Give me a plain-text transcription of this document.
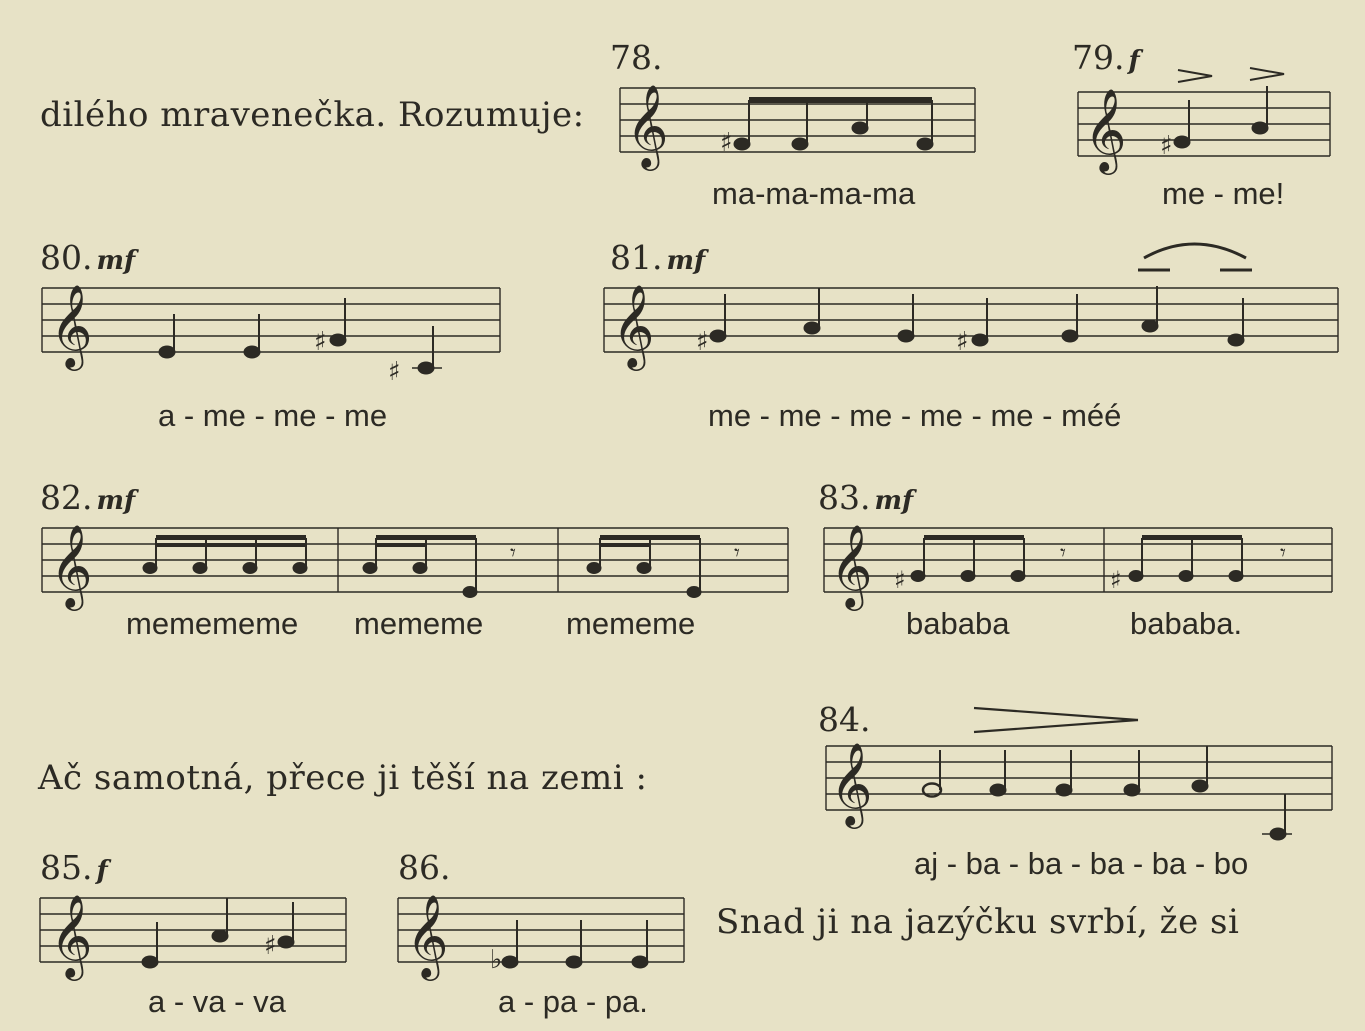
dilého mravenečka. Rozumuje:
Ač samotná, přece ji těší na zemi :
Snad ji na jazýčku svrbí, že si
78.
𝄞 ♯
ma-ma-ma-ma
79. f
𝄞 ♯
me - me!
80. mf
𝄞	♯
♯
a - me - me - me
81. mf
𝄞 ♯	♯
me - me - me - me - me - méé
82. mf
𝄞	𝄾	𝄾
memememe mememe	mememe
83. mf
𝄞 ♯
𝄾
♯
𝄾
bababa	bababa.
84.
𝄞
aj - ba - ba - ba - ba - bo
85. f
𝄞	♯
a - va - va
86.
𝄞 ♭
a - pa - pa.
